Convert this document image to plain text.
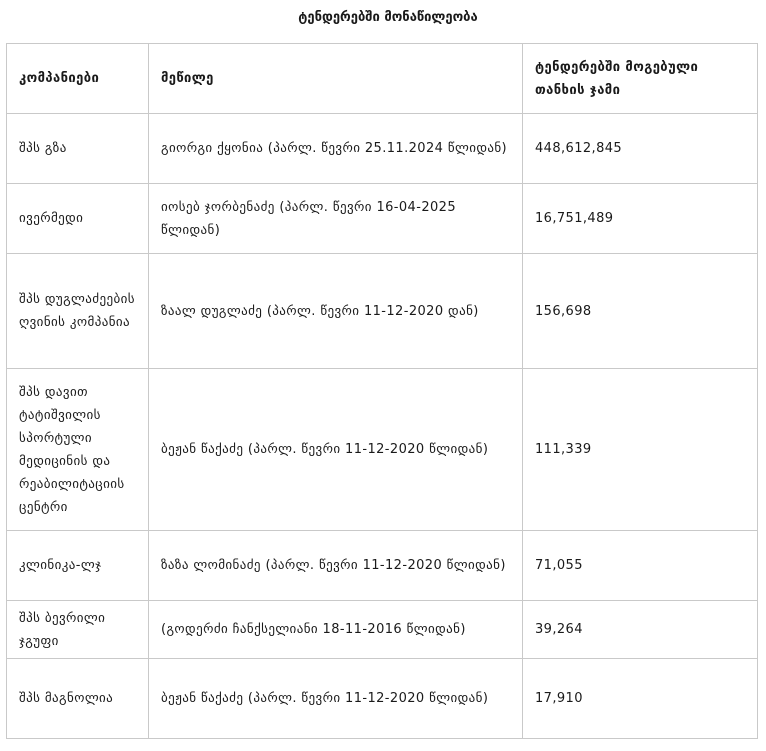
ტენდერებში მონაწილეობა
კომპანიები	მეწილე	ტენდერებში მოგებული თანხის ჯამი
შპს გზა	გიორგი ქყონია (პარლ. წევრი 25.11.2024 წლიდან)	448,612,845
ივერმედი	იოსებ ჯორბენაძე (პარლ. წევრი 16-04-2025 წლიდან)	16,751,489
შპს დუგლაძეების ღვინის კომპანია	ზაალ დუგლაძე (პარლ. წევრი 11-12-2020 დან)	156,698
შპს დავით ტატიშვილის სპორტული მედიცინის და რეაბილიტაციის ცენტრი	ბეჟან წაქაძე (პარლ. წევრი 11-12-2020 წლიდან)	111,339
კლინიკა-ლჯ	ზაზა ლომინაძე (პარლ. წევრი 11-12-2020 წლიდან)	71,055
შპს ბევრილი ჯგუფი	(გოდერძი ჩანქსელიანი 18-11-2016 წლიდან)	39,264
შპს მაგნოლია	ბეჟან წაქაძე (პარლ. წევრი 11-12-2020 წლიდან)	17,910
